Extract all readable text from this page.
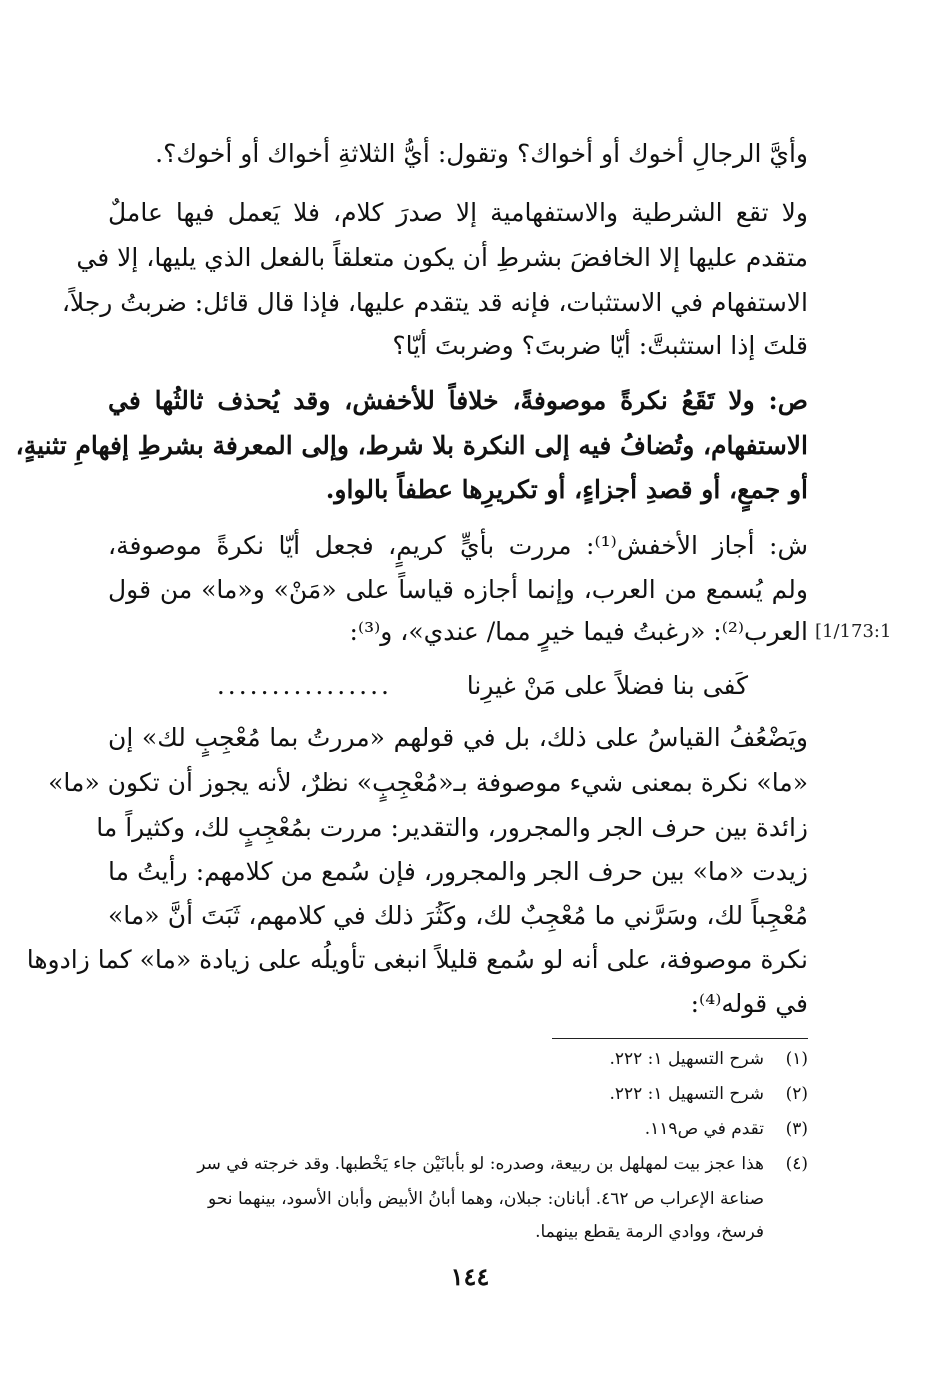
وأيَّ الرجالِ أخوك أو أخواك؟ وتقول: أيُّ الثلاثةِ أخواك أو أخوك؟.
ولا تقع الشرطية والاستفهامية إلا صدرَ كلام، فلا يَعمل فيها عاملٌ
متقدم عليها إلا الخافضَ بشرطِ أن يكون متعلقاً بالفعل الذي يليها، إلا في
الاستفهام في الاستثبات، فإنه قد يتقدم عليها، فإذا قال قائل: ضربتُ رجلاً،
قلتَ إذا استثبتَّ: أيّا ضربتَ؟ وضربتَ أيّا؟
ص: ولا تَقَعُ نكرةً موصوفةً، خلافاً للأخفش، وقد يُحذف ثالثُها في
الاستفهام، وتُضافُ فيه إلى النكرة بلا شرط، وإلى المعرفة بشرطِ إفهامِ تثنيةٍ،
أو جمعٍ، أو قصدِ أجزاءٍ، أو تكريرِها عطفاً بالواو.
ش: أجاز الأخفش⁽¹⁾: مررت بأيٍّ كريمٍ، فجعل أيّا نكرةً موصوفة،
ولم يُسمع من العرب، وإنما أجازه قياساً على «مَنْ» و«ما» من قول
العرب⁽²⁾: «رغبتُ فيما خيرٍ مما/ عندي»، و⁽³⁾: [1/173:1
كَفى بنا فضلاً على مَنْ غيرِنا
................
ويَضْعُفُ القياسُ على ذلك، بل في قولهم «مررتُ بما مُعْجِبٍ لك» إن
«ما» نكرة بمعنى شيء موصوفة بـ«مُعْجِبٍ» نظرٌ، لأنه يجوز أن تكون «ما»
زائدة بين حرف الجر والمجرور، والتقدير: مررت بمُعْجِبٍ لك، وكثيراً ما
زيدت «ما» بين حرف الجر والمجرور، فإن سُمع من كلامهم: رأيتُ ما
مُعْجِباً لك، وسَرَّني ما مُعْجِبٌ لك، وكَثُرَ ذلك في كلامهم، ثَبَتَ أنَّ «ما»
نكرة موصوفة، على أنه لو سُمع قليلاً انبغى تأويلُه على زيادة «ما» كما زادوها
في قوله⁽⁴⁾:
(١)شرح التسهيل ١: ٢٢٢.
(٢)شرح التسهيل ١: ٢٢٢.
(٣)تقدم في ص١١٩.
(٤)هذا عجز بيت لمهلهل بن ربيعة، وصدره: لو بأبانَيْن جاء يَخْطبها. وقد خرجته في سر
صناعة الإعراب ص ٤٦٢. أبانان: جبلان، وهما أبانُ الأبيض وأبان الأسود، بينهما نحو
فرسخ، ووادي الرمة يقطع بينهما.
١٤٤
